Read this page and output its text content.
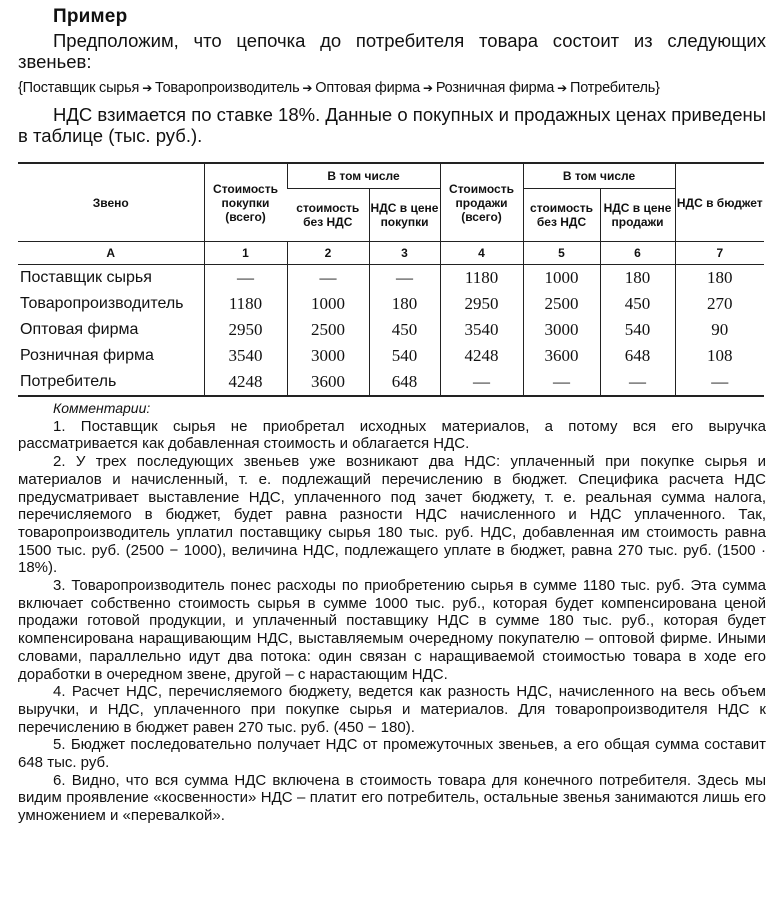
Пример
Предположим, что цепочка до потребителя товара состоит из следующих звеньев:
{Поставщик сырья ➔ Товаропроизводитель ➔ Оптовая фирма ➔ Розничная фирма ➔ Потребитель}
НДС взимается по ставке 18%. Данные о покупных и продажных ценах приведены в таблице (тыс. руб.).
Звено	Стоимость покупки (всего)	В том числе		Стоимость продажи (всего)	В том числе		НДС в бюджет
		стоимость без НДС	НДС в цене покупки		стоимость без НДС	НДС в цене продажи	
А	1	2	3	4	5	6	7
Поставщик сырья	—	—	—	1180	1000	180	180
Товаропроизводитель	1180	1000	180	2950	2500	450	270
Оптовая фирма	2950	2500	450	3540	3000	540	90
Розничная фирма	3540	3000	540	4248	3600	648	108
Потребитель	4248	3600	648	—	—	—	—
Комментарии:

1. Поставщик сырья не приобретал исходных материалов, а потому вся его выручка рассматривается как добавленная стоимость и облагается НДС.

2. У трех последующих звеньев уже возникают два НДС: уплаченный при покупке сырья и материалов и начисленный, т. е. подлежащий перечислению в бюджет. Специфика расчета НДС предусматривает выставление НДС, уплаченного под зачет бюджету, т. е. реальная сумма налога, перечисляемого в бюджет, будет равна разности НДС начисленного и НДС уплаченного. Так, товаропроизводитель уплатил поставщику сырья 180 тыс. руб. НДС, добавленная им стоимость равна 1500 тыс. руб. (2500 − 1000), величина НДС, подлежащего уплате в бюджет, равна 270 тыс. руб. (1500 · 18%).

3. Товаропроизводитель понес расходы по приобретению сырья в сумме 1180 тыс. руб. Эта сумма включает собственно стоимость сырья в сумме 1000 тыс. руб., которая будет компенсирована ценой продажи готовой продукции, и уплаченный поставщику НДС в сумме 180 тыс. руб., которая будет компенсирована наращивающим НДС, выставляемым очередному покупателю – оптовой фирме. Иными словами, параллельно идут два потока: один связан с наращиваемой стоимостью товара в ходе его доработки в очередном звене, другой – с нарастающим НДС.

4. Расчет НДС, перечисляемого бюджету, ведется как разность НДС, начисленного на весь объем выручки, и НДС, уплаченного при покупке сырья и материалов. Для товаропроизводителя НДС к перечислению в бюджет равен 270 тыс. руб. (450 − 180).

5. Бюджет последовательно получает НДС от промежуточных звеньев, а его общая сумма составит 648 тыс. руб.

6. Видно, что вся сумма НДС включена в стоимость товара для конечного потребителя. Здесь мы видим проявление «косвенности» НДС – платит его потребитель, остальные звенья занимаются лишь его умножением и «перевалкой».
